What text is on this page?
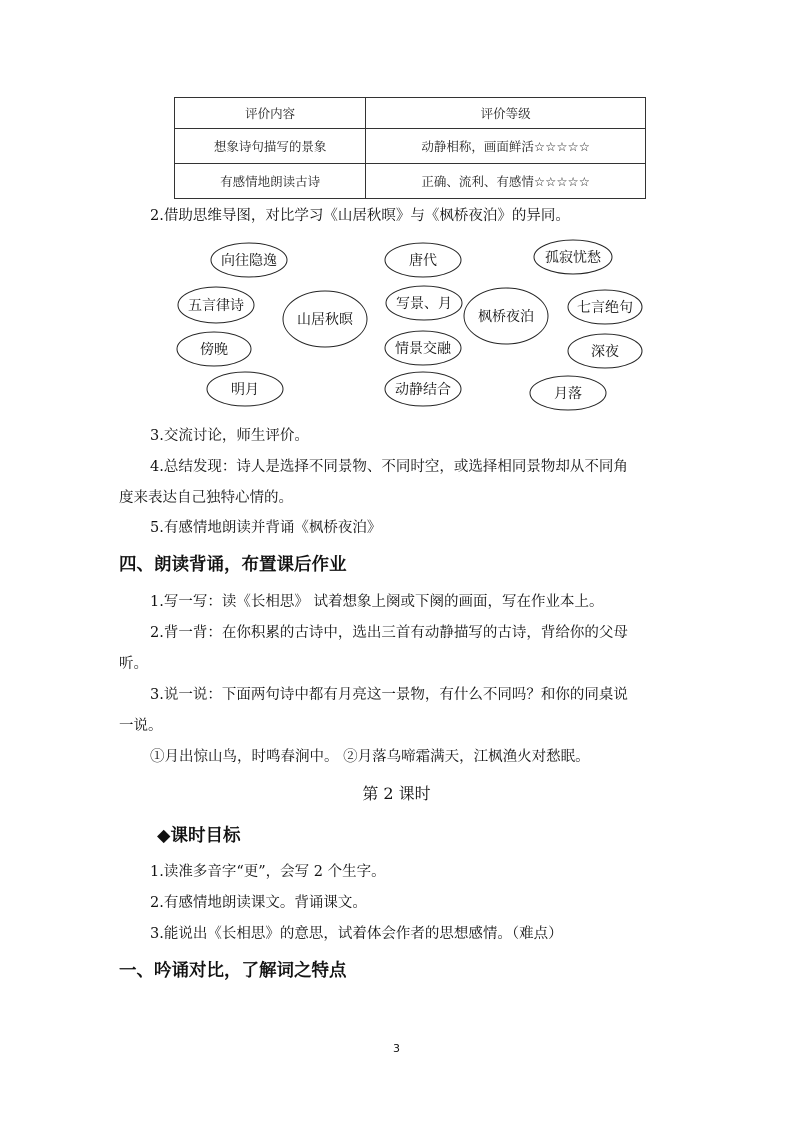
评价内容	评价等级
想象诗句描写的景象	动静相称，画面鲜活☆☆☆☆☆
有感情地朗读古诗	正确、流利、有感情☆☆☆☆☆
2.借助思维导图，对比学习《山居秋暝》与《枫桥夜泊》的异同。
向往隐逸	唐代	孤寂忧愁
五言律诗
山居秋暝
写景、月
枫桥夜泊
七言绝句
傍晚	情景交融	深夜
明月	动静结合	月落
3.交流讨论，师生评价。
4.总结发现：诗人是选择不同景物、不同时空，或选择相同景物却从不同角
度来表达自己独特心情的。
5.有感情地朗读并背诵《枫桥夜泊》
四、朗读背诵，布置课后作业
1.写一写：读《长相思》 试着想象上阕或下阕的画面，写在作业本上。
2.背一背：在你积累的古诗中，选出三首有动静描写的古诗，背给你的父母
听。
3.说一说：下面两句诗中都有月亮这一景物，有什么不同吗？和你的同桌说
一说。
①月出惊山鸟，时鸣春涧中。 ②月落乌啼霜满天，江枫渔火对愁眠。
第 2 课时
◆课时目标
1.读准多音字“更”，会写 2 个生字。
2.有感情地朗读课文。背诵课文。
3.能说出《长相思》的意思，试着体会作者的思想感情。（难点）
一、吟诵对比，了解词之特点
3
